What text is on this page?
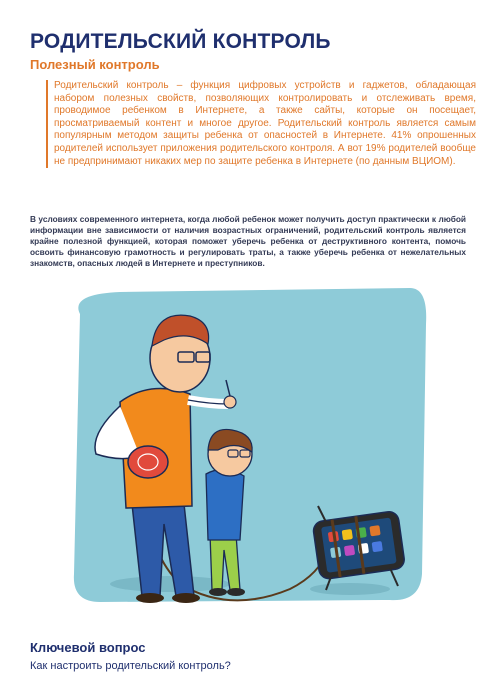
РОДИТЕЛЬСКИЙ КОНТРОЛЬ
Полезный контроль
Родительский контроль – функция цифровых устройств и гаджетов, обладающая набором полезных свойств, позволяющих контролировать и отслеживать время, проводимое ребенком в Интернете, а также сайты, которые он посещает, просматриваемый контент и многое другое. Родительский контроль является самым популярным методом защиты ребенка от опасностей в Интернете. 41% опрошенных родителей использует приложения родительского контроля. А вот 19% родителей вообще не предпринимают никаких мер по защите ребенка в Интернете (по данным ВЦИОМ).
В условиях современного интернета, когда любой ребенок может получить доступ практически к любой информации вне зависимости от наличия возрастных ограничений, родительский контроль является крайне полезной функцией, которая поможет уберечь ребенка от деструктивного контента, помочь освоить финансовую грамотность и регулировать траты, а также уберечь ребенка от нежелательных знакомств, опасных людей в Интернете и преступников.
Ключевой вопрос

Как настроить родительский контроль?
